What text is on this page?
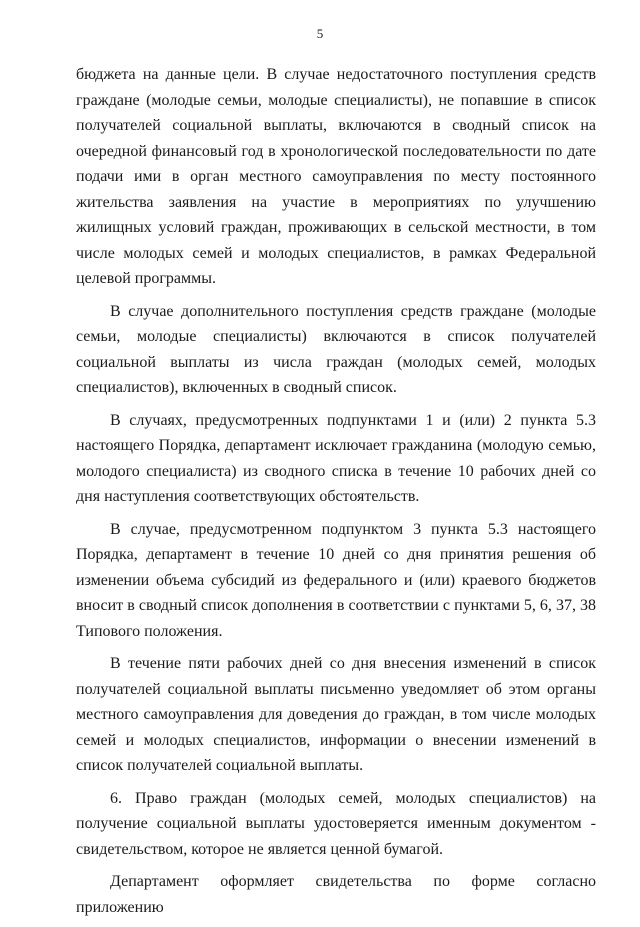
5

бюджета на данные цели. В случае недостаточного поступления средств граждане (молодые семьи, молодые специалисты), не попавшие в список получателей социальной выплаты, включаются в сводный список на очередной финансовый год в хронологической последовательности по дате подачи ими в орган местного самоуправления по месту постоянного жительства заявления на участие в мероприятиях по улучшению жилищных условий граждан, проживающих в сельской местности, в том числе молодых семей и молодых специалистов, в рамках Федеральной целевой программы.

В случае дополнительного поступления средств граждане (молодые семьи, молодые специалисты) включаются в список получателей социальной выплаты из числа граждан (молодых семей, молодых специалистов), включенных в сводный список.

В случаях, предусмотренных подпунктами 1 и (или) 2 пункта 5.3 настоящего Порядка, департамент исключает гражданина (молодую семью, молодого специалиста) из сводного списка в течение 10 рабочих дней со дня наступления соответствующих обстоятельств.

В случае, предусмотренном подпунктом 3 пункта 5.3 настоящего Порядка, департамент в течение 10 дней со дня принятия решения об изменении объема субсидий из федерального и (или) краевого бюджетов вносит в сводный список дополнения в соответствии с пунктами 5, 6, 37, 38 Типового положения.

В течение пяти рабочих дней со дня внесения изменений в список получателей социальной выплаты письменно уведомляет об этом органы местного самоуправления для доведения до граждан, в том числе молодых семей и молодых специалистов, информации о внесении изменений в список получателей социальной выплаты.

6. Право граждан (молодых семей, молодых специалистов) на получение социальной выплаты удостоверяется именным документом - свидетельством, которое не является ценной бумагой.

Департамент оформляет свидетельства по форме согласно приложению
